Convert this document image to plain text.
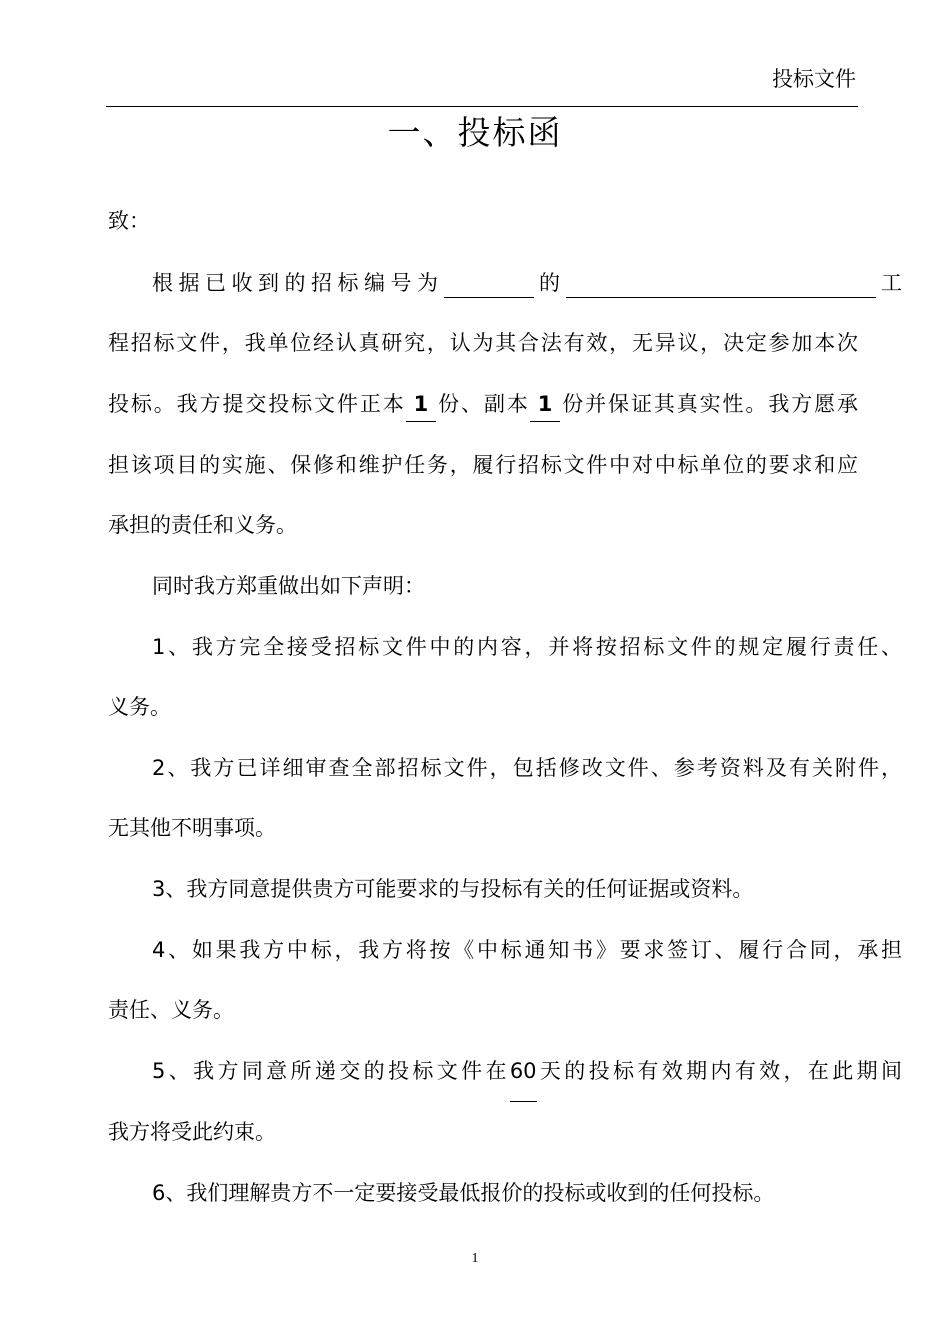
投标文件
一、投标函
致：
根据已收到的招标编号为	的	工
程招标文件，我单位经认真研究，认为其合法有效，无异议，决定参加本次
投标。我方提交投标文件正本 1 份、副本 1 份并保证其真实性。我方愿承
担该项目的实施、保修和维护任务，履行招标文件中对中标单位的要求和应
承担的责任和义务。
同时我方郑重做出如下声明：
1、我方完全接受招标文件中的内容，并将按招标文件的规定履行责任、
义务。
2、我方已详细审查全部招标文件，包括修改文件、参考资料及有关附件，
无其他不明事项。
3、我方同意提供贵方可能要求的与投标有关的任何证据或资料。
4、如果我方中标，我方将按《中标通知书》要求签订、履行合同，承担
责任、义务。
5、我方同意所递交的投标文件在60天的投标有效期内有效，在此期间
我方将受此约束。
6、我们理解贵方不一定要接受最低报价的投标或收到的任何投标。
1
